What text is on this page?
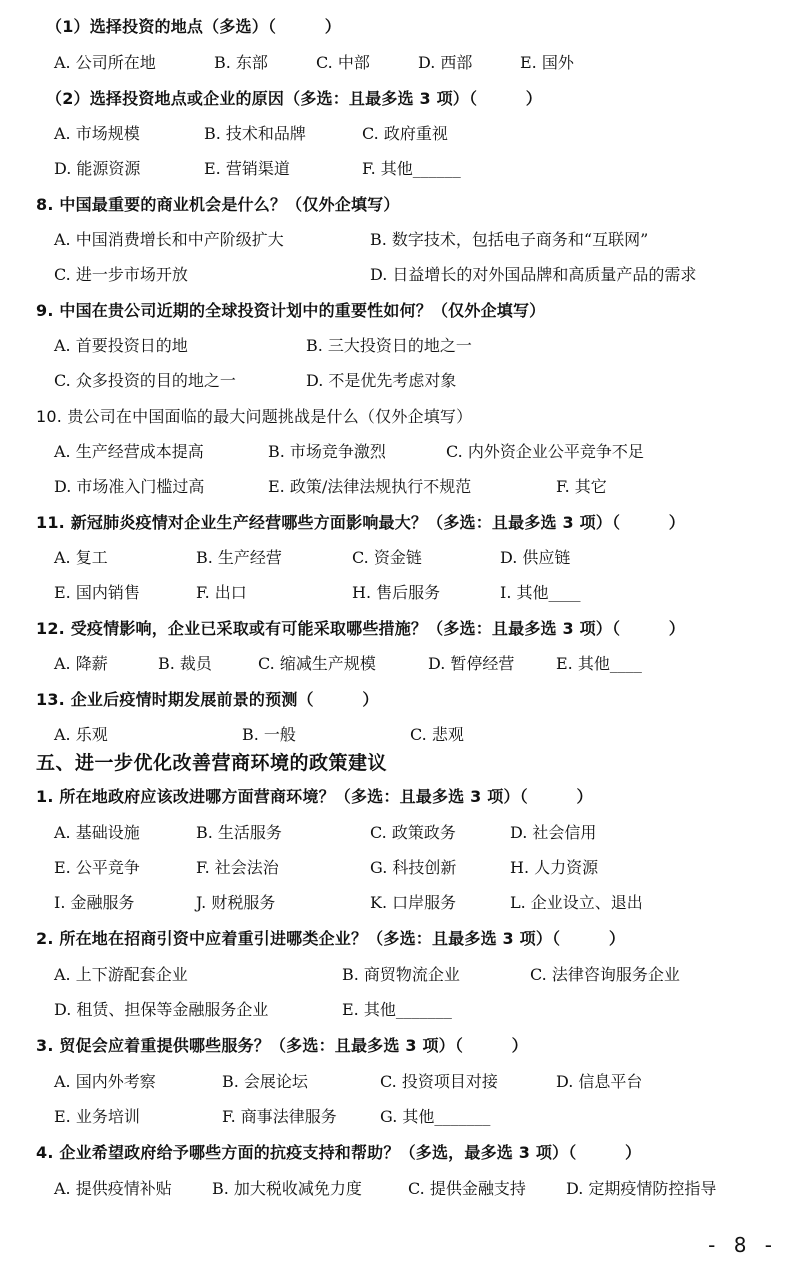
（1）选择投资的地点（多选）（　　　）
A. 公司所在地	B. 东部	C. 中部	D. 西部	E. 国外
（2）选择投资地点或企业的原因（多选：且最多选 3 项）（　　　）
A. 市场规模	B. 技术和品牌	C. 政府重视
D. 能源资源	E. 营销渠道	F. 其他______
8. 中国最重要的商业机会是什么？（仅外企填写）
A. 中国消费增长和中产阶级扩大	B. 数字技术，包括电子商务和“互联网”
C. 进一步市场开放	D. 日益增长的对外国品牌和高质量产品的需求
9. 中国在贵公司近期的全球投资计划中的重要性如何？（仅外企填写）
A. 首要投资日的地	B. 三大投资日的地之一
C. 众多投资的目的地之一	D. 不是优先考虑对象
10. 贵公司在中国面临的最大问题挑战是什么（仅外企填写）
A. 生产经营成本提高	B. 市场竞争激烈	C. 内外资企业公平竞争不足
D. 市场准入门槛过高	E. 政策/法律法规执行不规范	F. 其它
11. 新冠肺炎疫情对企业生产经营哪些方面影响最大？（多选：且最多选 3 项）（　　　）
A. 复工	B. 生产经营	C. 资金链	D. 供应链
E. 国内销售	F. 出口	H. 售后服务	I. 其他____
12. 受疫情影响，企业已采取或有可能采取哪些措施？（多选：且最多选 3 项）（　　　）
A. 降薪	B. 裁员	C. 缩减生产规模	D. 暂停经营	E. 其他____
13. 企业后疫情时期发展前景的预测（　　　）
A. 乐观	B. 一般	C. 悲观
五、进一步优化改善营商环境的政策建议
1. 所在地政府应该改进哪方面营商环境？（多选：且最多选 3 项）（　　　）
A. 基础设施	B. 生活服务	C. 政策政务	D. 社会信用
E. 公平竞争	F. 社会法治	G. 科技创新	H. 人力资源
I. 金融服务	J. 财税服务	K. 口岸服务	L. 企业设立、退出
2. 所在地在招商引资中应着重引进哪类企业？（多选：且最多选 3 项）（　　　）
A. 上下游配套企业	B. 商贸物流企业	C. 法律咨询服务企业
D. 租赁、担保等金融服务企业	E. 其他_______
3. 贸促会应着重提供哪些服务？（多选：且最多选 3 项）（　　　）
A. 国内外考察	B. 会展论坛	C. 投资项目对接	D. 信息平台
E. 业务培训	F. 商事法律服务	G. 其他_______
4. 企业希望政府给予哪些方面的抗疫支持和帮助？（多选，最多选 3 项）（　　　）
A. 提供疫情补贴	B. 加大税收减免力度	C. 提供金融支持	D. 定期疫情防控指导
- 8 -
